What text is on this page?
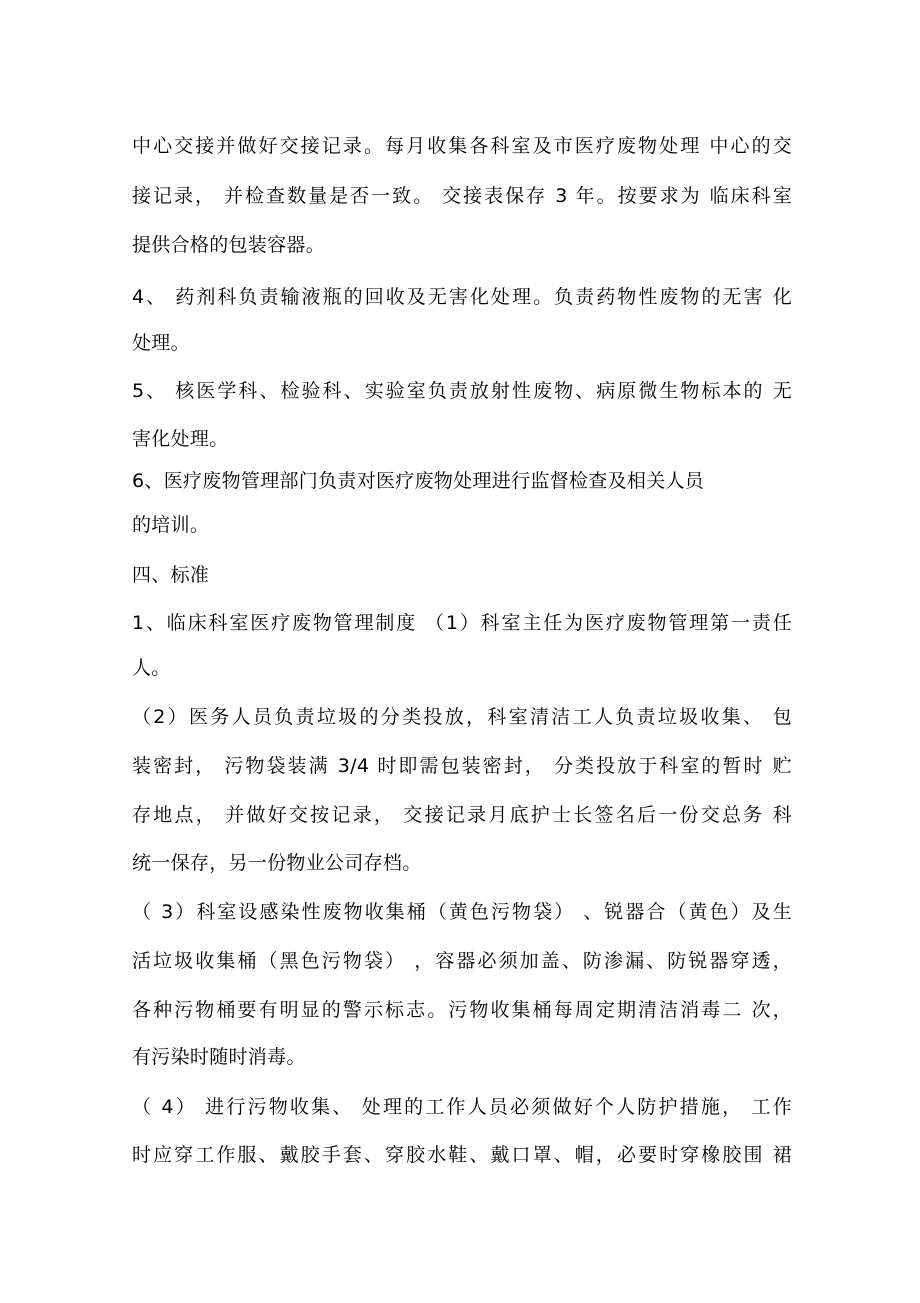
中心交接并做好交接记录。每月收集各科室及市医疗废物处理 中心的交
接记录， 并检查数量是否一致。 交接表保存 3 年。按要求为 临床科室
提供合格的包装容器。
4、 药剂科负责输液瓶的回收及无害化处理。负责药物性废物的无害 化
处理。
5、 核医学科、检验科、实验室负责放射性废物、病原微生物标本的 无
害化处理。
6、医疗废物管理部门负责对医疗废物处理进行监督检查及相关人员
的培训。
四、标准
1、临床科室医疗废物管理制度 （1）科室主任为医疗废物管理第一责任
人。
（2）医务人员负责垃圾的分类投放，科室清洁工人负责垃圾收集、 包
装密封， 污物袋装满 3/4 时即需包装密封， 分类投放于科室的暂时 贮
存地点， 并做好交按记录， 交接记录月底护士长签名后一份交总务 科
统一保存，另一份物业公司存档。
（ 3）科室设感染性废物收集桶（黄色污物袋） 、锐器合（黄色）及生
活垃圾收集桶（黑色污物袋） ，容器必须加盖、防渗漏、防锐器穿透，
各种污物桶要有明显的警示标志。污物收集桶每周定期清洁消毒二 次，
有污染时随时消毒。
（ 4） 进行污物收集、 处理的工作人员必须做好个人防护措施， 工作
时应穿工作服、戴胶手套、穿胶水鞋、戴口罩、帽，必要时穿橡胶围 裙
